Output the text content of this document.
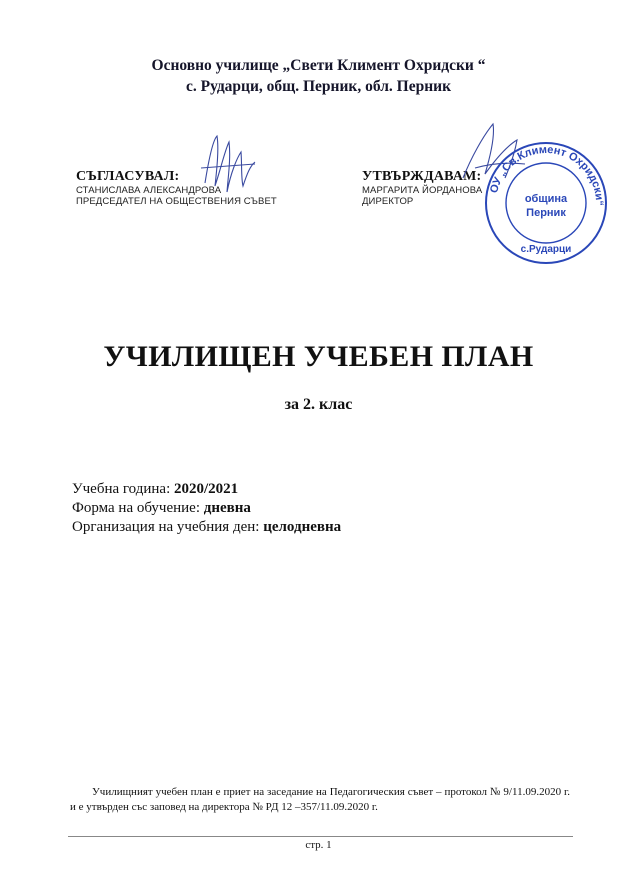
Основно училище „Свети Климент Охридски “
с. Рударци, общ. Перник, обл. Перник
СЪГЛАСУВАЛ:
СТАНИСЛАВА АЛЕКСАНДРОВА
ПРЕДСЕДАТЕЛ НА ОБЩЕСТВЕНИЯ СЪВЕТ
УТВЪРЖДАВАМ:
МАРГАРИТА ЙОРДАНОВА
ДИРЕКТОР
ОУ „Св.Климент Охридски“
община
Перник
с.Рударци
УЧИЛИЩЕН УЧЕБЕН ПЛАН
за 2. клас
Учебна година: 2020/2021
Форма на обучение: дневна
Организация на учебния ден: целодневна
Училищният учебен план е приет на заседание на Педагогическия съвет – протокол № 9/11.09.2020 г. и е утвърден със заповед на директора № РД 12 –357/11.09.2020 г.
стр. 1
